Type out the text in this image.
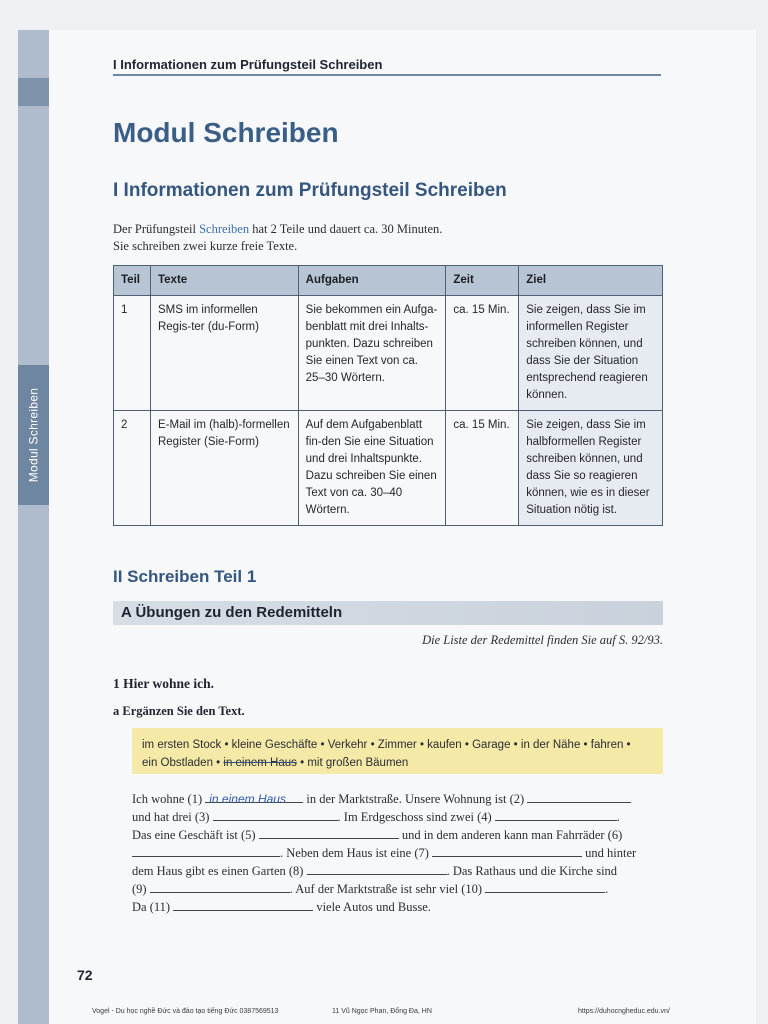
Modul Schreiben
I Informationen zum Prüfungsteil Schreiben
Modul Schreiben
I Informationen zum Prüfungsteil Schreiben
Der Prüfungsteil Schreiben hat 2 Teile und dauert ca. 30 Minuten.
Sie schreiben zwei kurze freie Texte.
Teil	Texte	Aufgaben	Zeit	Ziel
1	SMS im informellen Regis-ter (du-Form)	Sie bekommen ein Aufga-benblatt mit drei Inhalts-punkten. Dazu schreiben Sie einen Text von ca. 25–30 Wörtern.	ca. 15 Min.	Sie zeigen, dass Sie im informellen Register schreiben können, und dass Sie der Situation entsprechend reagieren können.
2	E-Mail im (halb)-formellen Register (Sie-Form)	Auf dem Aufgabenblatt fin-den Sie eine Situation und drei Inhaltspunkte. Dazu schreiben Sie einen Text von ca. 30–40 Wörtern.	ca. 15 Min.	Sie zeigen, dass Sie im halbformellen Register schreiben können, und dass Sie so reagieren können, wie es in dieser Situation nötig ist.
II Schreiben Teil 1
A Übungen zu den Redemitteln
Die Liste der Redemittel finden Sie auf S. 92/93.
1 Hier wohne ich.
a Ergänzen Sie den Text.

im ersten Stock • kleine Geschäfte • Verkehr • Zimmer • kaufen • Garage • in der Nähe • fahren •
ein Obstladen • in einem Haus • mit großen Bäumen

Ich wohne (1) in einem Haus in der Marktstraße. Unsere Wohnung ist (2)
und hat drei (3)	. Im Erdgeschoss sind zwei (4)	.
Das eine Geschäft ist (5)	und in dem anderen kann man Fahrräder (6)
. Neben dem Haus ist eine (7)	und hinter
dem Haus gibt es einen Garten (8)	. Das Rathaus und die Kirche sind
(9)	. Auf der Marktstraße ist sehr viel (10)	.
Da (11)	viele Autos und Busse.
72
Vogel - Du học nghề Đức và đào tạo tiếng Đức 0387569513	11 Vũ Ngọc Phan, Đống Đa, HN	https://duhocngheduc.edu.vn/
